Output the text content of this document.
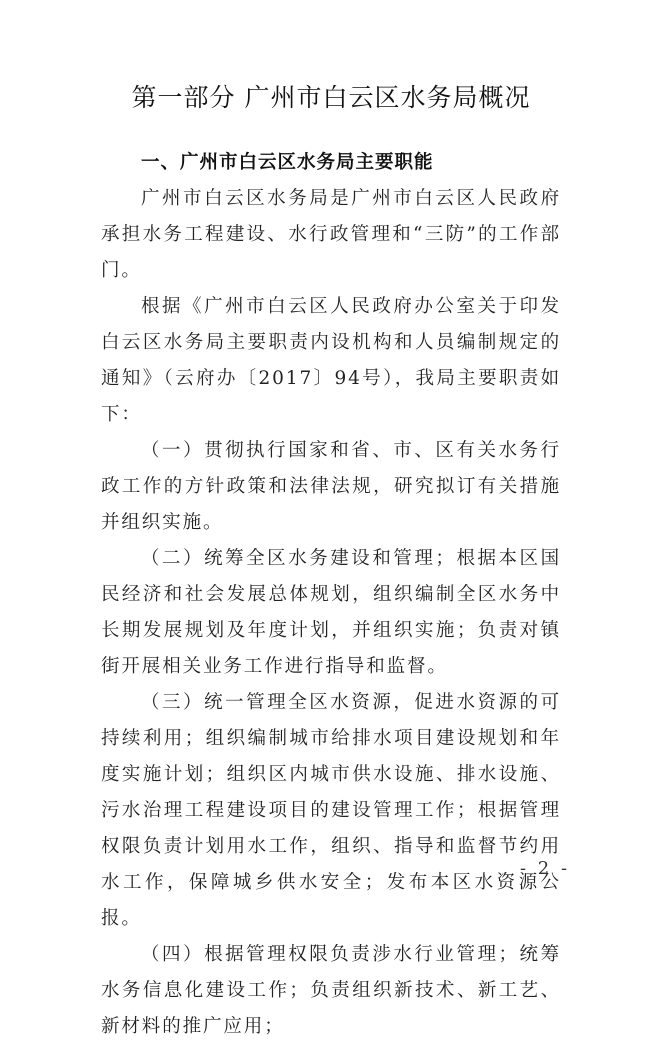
第一部分 广州市白云区水务局概况

一、广州市白云区水务局主要职能

广州市白云区水务局是广州市白云区人民政府承担水务工程建设、水行政管理和“三防”的工作部门。

根据《广州市白云区人民政府办公室关于印发白云区水务局主要职责内设机构和人员编制规定的通知》（云府办〔2017〕94号），我局主要职责如下：

（一）贯彻执行国家和省、市、区有关水务行政工作的方针政策和法律法规，研究拟订有关措施并组织实施。

（二）统筹全区水务建设和管理；根据本区国民经济和社会发展总体规划，组织编制全区水务中长期发展规划及年度计划，并组织实施；负责对镇街开展相关业务工作进行指导和监督。

（三）统一管理全区水资源，促进水资源的可持续利用；组织编制城市给排水项目建设规划和年度实施计划；组织区内城市供水设施、排水设施、污水治理工程建设项目的建设管理工作；根据管理权限负责计划用水工作，组织、指导和监督节约用水工作，保障城乡供水安全；发布本区水资源公报。

（四）根据管理权限负责涉水行业管理；统筹水务信息化建设工作；负责组织新技术、新工艺、新材料的推广应用；

- 2 -
